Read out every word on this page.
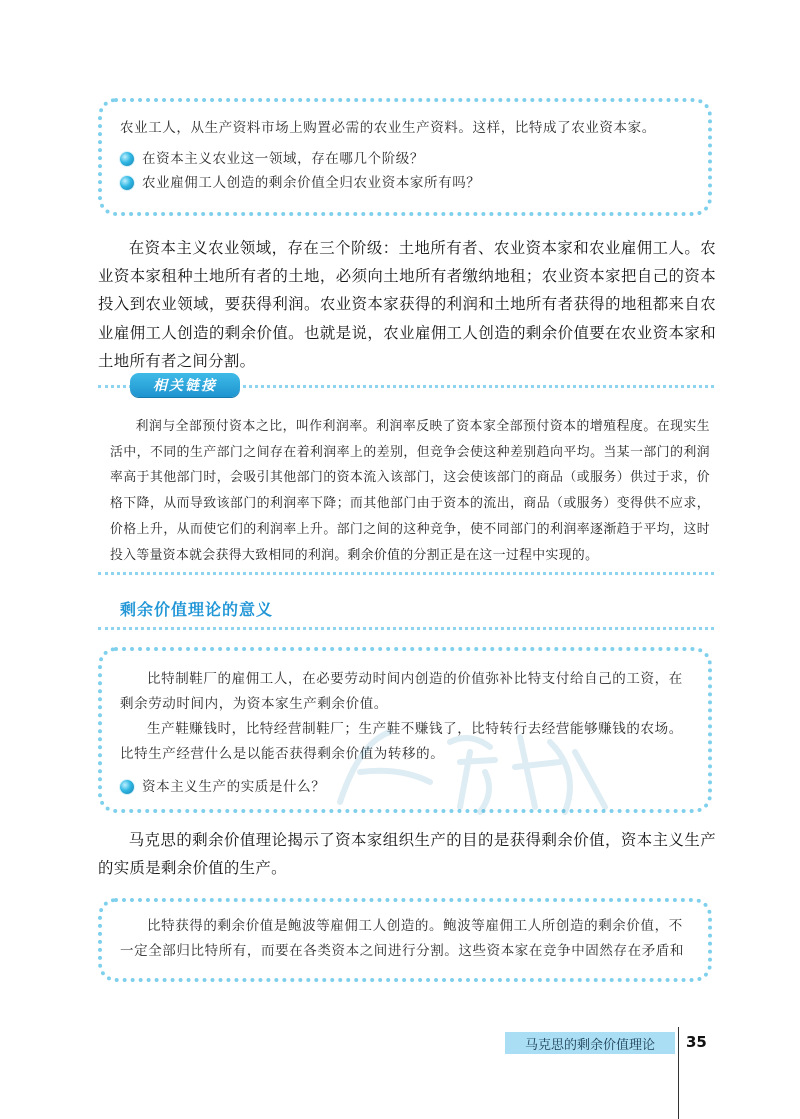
农业工人，从生产资料市场上购置必需的农业生产资料。这样，比特成了农业资本家。
在资本主义农业这一领域，存在哪几个阶级？
农业雇佣工人创造的剩余价值全归农业资本家所有吗？

在资本主义农业领域，存在三个阶级：土地所有者、农业资本家和农业雇佣工人。农业资本家租种土地所有者的土地，必须向土地所有者缴纳地租；农业资本家把自己的资本投入到农业领域，要获得利润。农业资本家获得的利润和土地所有者获得的地租都来自农业雇佣工人创造的剩余价值。也就是说，农业雇佣工人创造的剩余价值要在农业资本家和土地所有者之间分割。

相关链接

利润与全部预付资本之比，叫作利润率。利润率反映了资本家全部预付资本的增殖程度。在现实生活中，不同的生产部门之间存在着利润率上的差别，但竞争会使这种差别趋向平均。当某一部门的利润率高于其他部门时，会吸引其他部门的资本流入该部门，这会使该部门的商品（或服务）供过于求，价格下降，从而导致该部门的利润率下降；而其他部门由于资本的流出，商品（或服务）变得供不应求，价格上升，从而使它们的利润率上升。部门之间的这种竞争，使不同部门的利润率逐渐趋于平均，这时投入等量资本就会获得大致相同的利润。剩余价值的分割正是在这一过程中实现的。

剩余价值理论的意义
比特制鞋厂的雇佣工人，在必要劳动时间内创造的价值弥补比特支付给自己的工资，在剩余劳动时间内，为资本家生产剩余价值。
生产鞋赚钱时，比特经营制鞋厂；生产鞋不赚钱了，比特转行去经营能够赚钱的农场。比特生产经营什么是以能否获得剩余价值为转移的。
资本主义生产的实质是什么？

马克思的剩余价值理论揭示了资本家组织生产的目的是获得剩余价值，资本主义生产的实质是剩余价值的生产。

比特获得的剩余价值是鲍波等雇佣工人创造的。鲍波等雇佣工人所创造的剩余价值，不一定全部归比特所有，而要在各类资本之间进行分割。这些资本家在竞争中固然存在矛盾和
马克思的剩余价值理论	35
